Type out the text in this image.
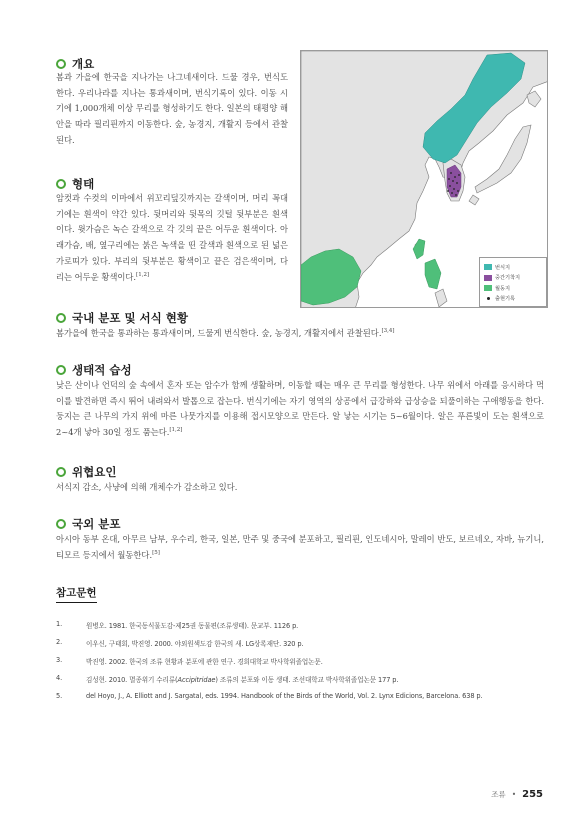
개요

봄과 가을에 한국을 지나가는 나그네새이다. 드물 경우, 번식도 한다. 우리나라를 지나는 통과새이며, 번식기록이 있다. 이동 시기에 1,000개체 이상 무리를 형성하기도 한다. 일본의 태평양 해안을 따라 필리핀까지 이동한다. 숲, 농경지, 개활지 등에서 관찰된다.

형태

암컷과 수컷의 이마에서 위꼬리덮깃까지는 갈색이며, 머리 꼭대기에는 흰색이 약간 있다. 뒷머리와 뒷목의 깃털 뒷부분은 흰색이다. 윗가슴은 녹슨 갈색으로 각 깃의 끝은 어두운 흰색이다. 아래가슴, 배, 옆구리에는 붉은 녹색을 띤 갈색과 흰색으로 된 넓은 가로띠가 있다. 부리의 뒷부분은 황색이고 끝은 검은색이며, 다리는 어두운 황색이다.[1,2]

번식지
중간기착지
월동지
출현기록
국내 분포 및 서식 현황

봄가을에 한국을 통과하는 통과새이며, 드물게 번식한다. 숲, 농경지, 개활지에서 관찰된다.[3,4]

생태적 습성

낮은 산이나 언덕의 숲 속에서 혼자 또는 암수가 함께 생활하며, 이동할 때는 매우 큰 무리를 형성한다. 나무 위에서 아래를 응시하다 먹이를 발견하면 즉시 뛰어 내려와서 발톱으로 잡는다. 번식기에는 자기 영역의 상공에서 급강하와 급상승을 되풀이하는 구애행동을 한다. 둥지는 큰 나무의 가지 위에 마른 나뭇가지를 이용해 접시모양으로 만든다. 알 낳는 시기는 5~6월이다. 알은 푸른빛이 도는 흰색으로 2~4개 낳아 30일 정도 품는다.[1,2]

위협요인

서식지 감소, 사냥에 의해 개체수가 감소하고 있다.

국외 분포

아시아 동부 온대, 아무르 남부, 우수리, 한국, 일본, 만주 및 중국에 분포하고, 필리핀, 인도네시아, 말레이 반도, 보르네오, 자바, 뉴기니, 티모르 등지에서 월동한다.[5]

참고문헌
1.	원병오. 1981. 한국동식물도감-제25권 동물편(조류생태). 문교부. 1126 p.
2.	이우신, 구태회, 박진영. 2000. 야외원색도감 한국의 새. LG상록재단. 320 p.
3.	박진영. 2002. 한국의 조류 현황과 분포에 관한 연구. 경희대학교 박사학위졸업논문.
4.	김성현. 2010. 멸종위기 수리류(Accipitridae) 조류의 분포와 이동 생태. 조선대학교 박사학위졸업논문 177 p.
5.	del Hoyo, J., A. Elliott and J. Sargatal, eds. 1994. Handbook of the Birds of the World, Vol. 2. Lynx Edicions, Barcelona. 638 p.
조류 • 255
